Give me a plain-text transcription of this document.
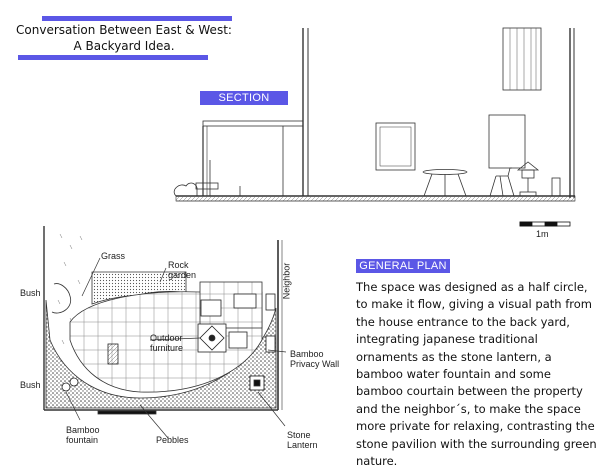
Conversation Between East & West:
A Backyard Idea.
SECTION
1m
Grass
Rock
garden
Bush
Bush
Neighbor
Outdoor
furniture
Bamboo
Privacy Wall
Bamboo
fountain	Pebbles	Stone
Lantern
GENERAL PLAN
The space was designed as a half circle, to make it flow, giving a visual path from the house entrance to the back yard, integrating japanese traditional ornaments as the stone lantern, a bamboo water fountain and some bamboo courtain between the property and the neighbor´s, to make the space more private for relaxing, contrasting the stone pavilion with the surrounding green nature.
